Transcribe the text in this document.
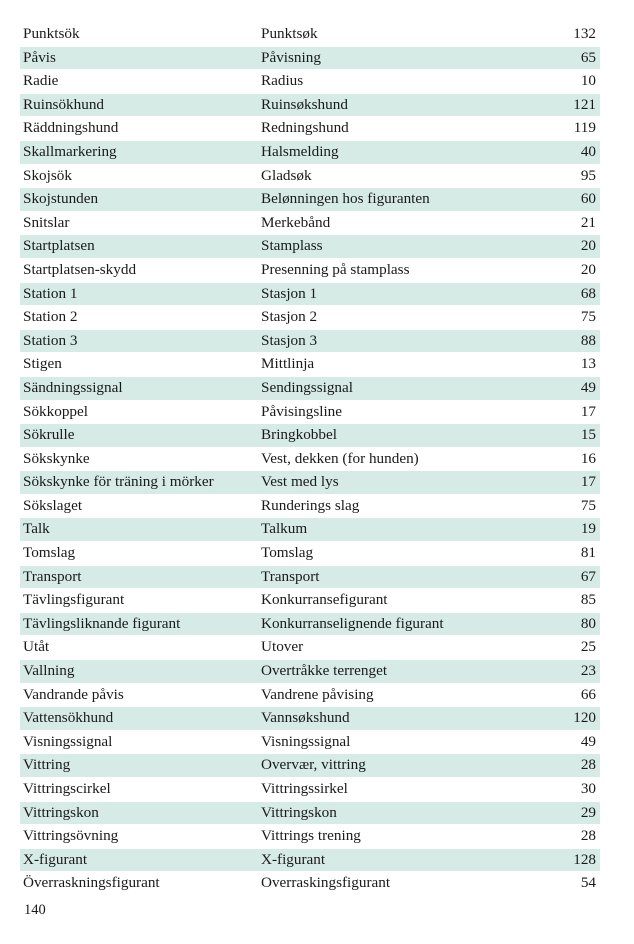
Punktsök	Punktsøk	132
Påvis	Påvisning	65
Radie	Radius	10
Ruinsökhund	Ruinsøkshund	121
Räddningshund	Redningshund	119
Skallmarkering	Halsmelding	40
Skojsök	Gladsøk	95
Skojstunden	Belønningen hos figuranten	60
Snitslar	Merkebånd	21
Startplatsen	Stamplass	20
Startplatsen-skydd	Presenning på stamplass	20
Station 1	Stasjon 1	68
Station 2	Stasjon 2	75
Station 3	Stasjon 3	88
Stigen	Mittlinja	13
Sändningssignal	Sendingssignal	49
Sökkoppel	Påvisingsline	17
Sökrulle	Bringkobbel	15
Sökskynke	Vest, dekken (for hunden)	16
Sökskynke för träning i mörker	Vest med lys	17
Sökslaget	Runderings slag	75
Talk	Talkum	19
Tomslag	Tomslag	81
Transport	Transport	67
Tävlingsfigurant	Konkurransefigurant	85
Tävlingsliknande figurant	Konkurranselignende figurant	80
Utåt	Utover	25
Vallning	Overtråkke terrenget	23
Vandrande påvis	Vandrene påvising	66
Vattensökhund	Vannsøkshund	120
Visningssignal	Visningssignal	49
Vittring	Overvær, vittring	28
Vittringscirkel	Vittringssirkel	30
Vittringskon	Vittringskon	29
Vittringsövning	Vittrings trening	28
X-figurant	X-figurant	128
Överraskningsfigurant	Overraskingsfigurant	54
140
